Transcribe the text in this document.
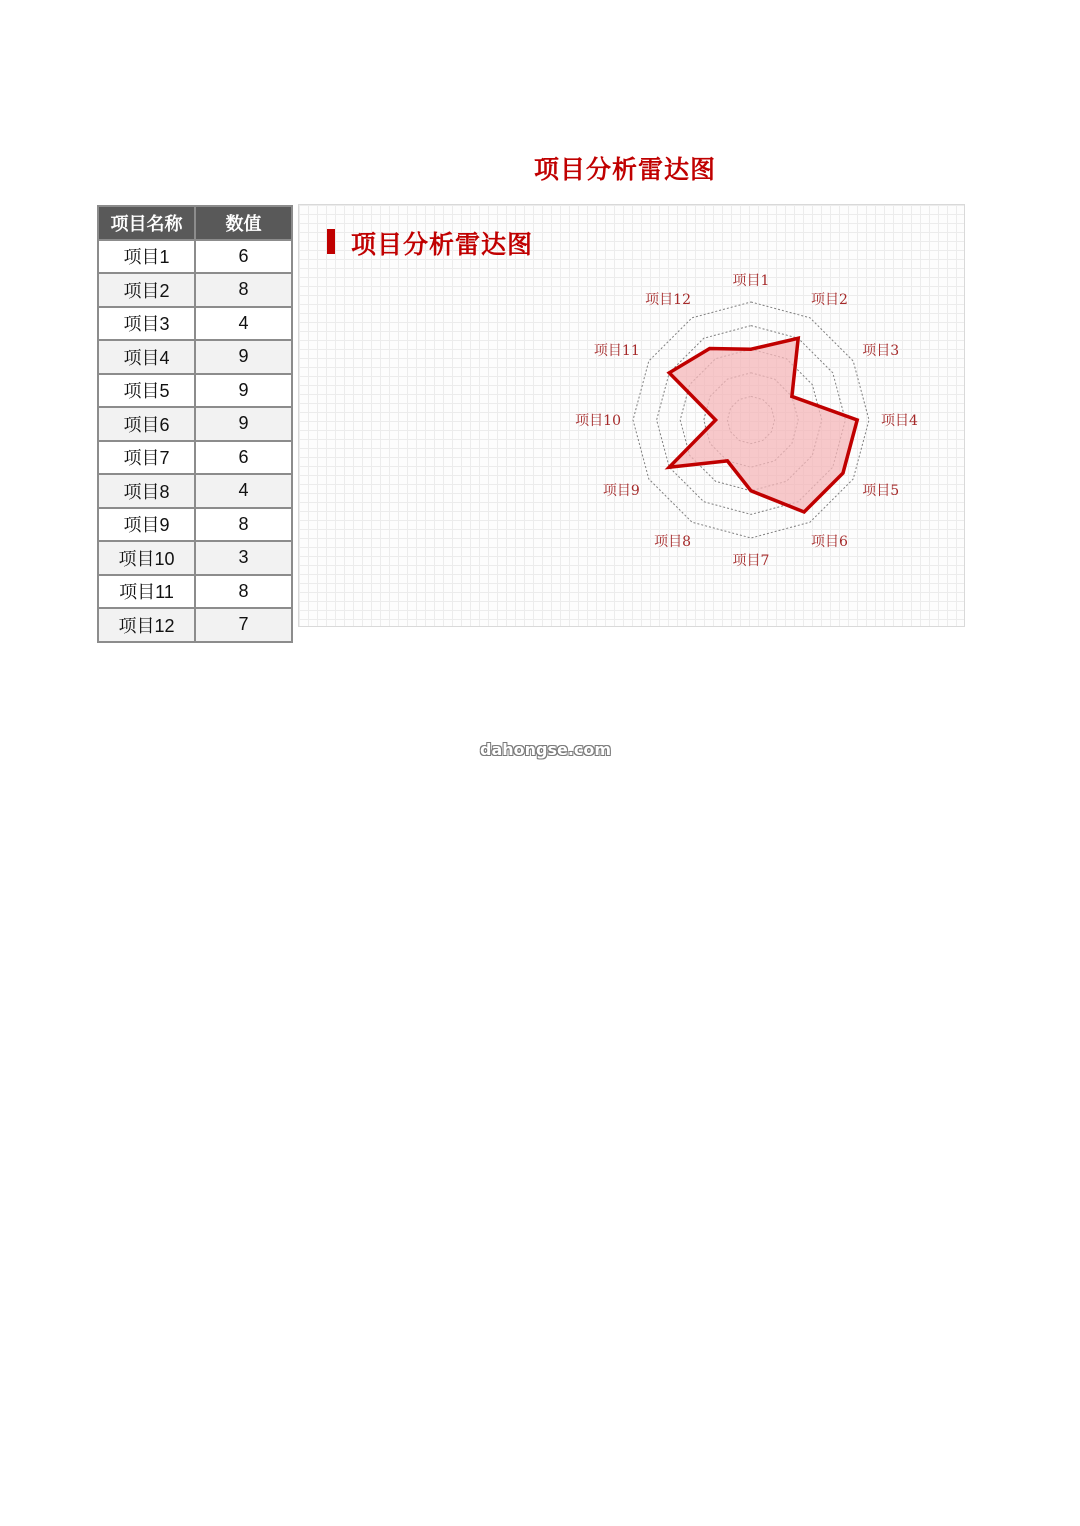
项目分析雷达图
项目名称	数值
项目1	6
项目2	8
项目3	4
项目4	9
项目5	9
项目6	9
项目7	6
项目8	4
项目9	8
项目10	3
项目11	8
项目12	7
项目分析雷达图
项目1
项目2
项目3
项目4
项目5
项目6
项目7
项目8
项目9
项目10
项目11
项目12
dahongse.com
